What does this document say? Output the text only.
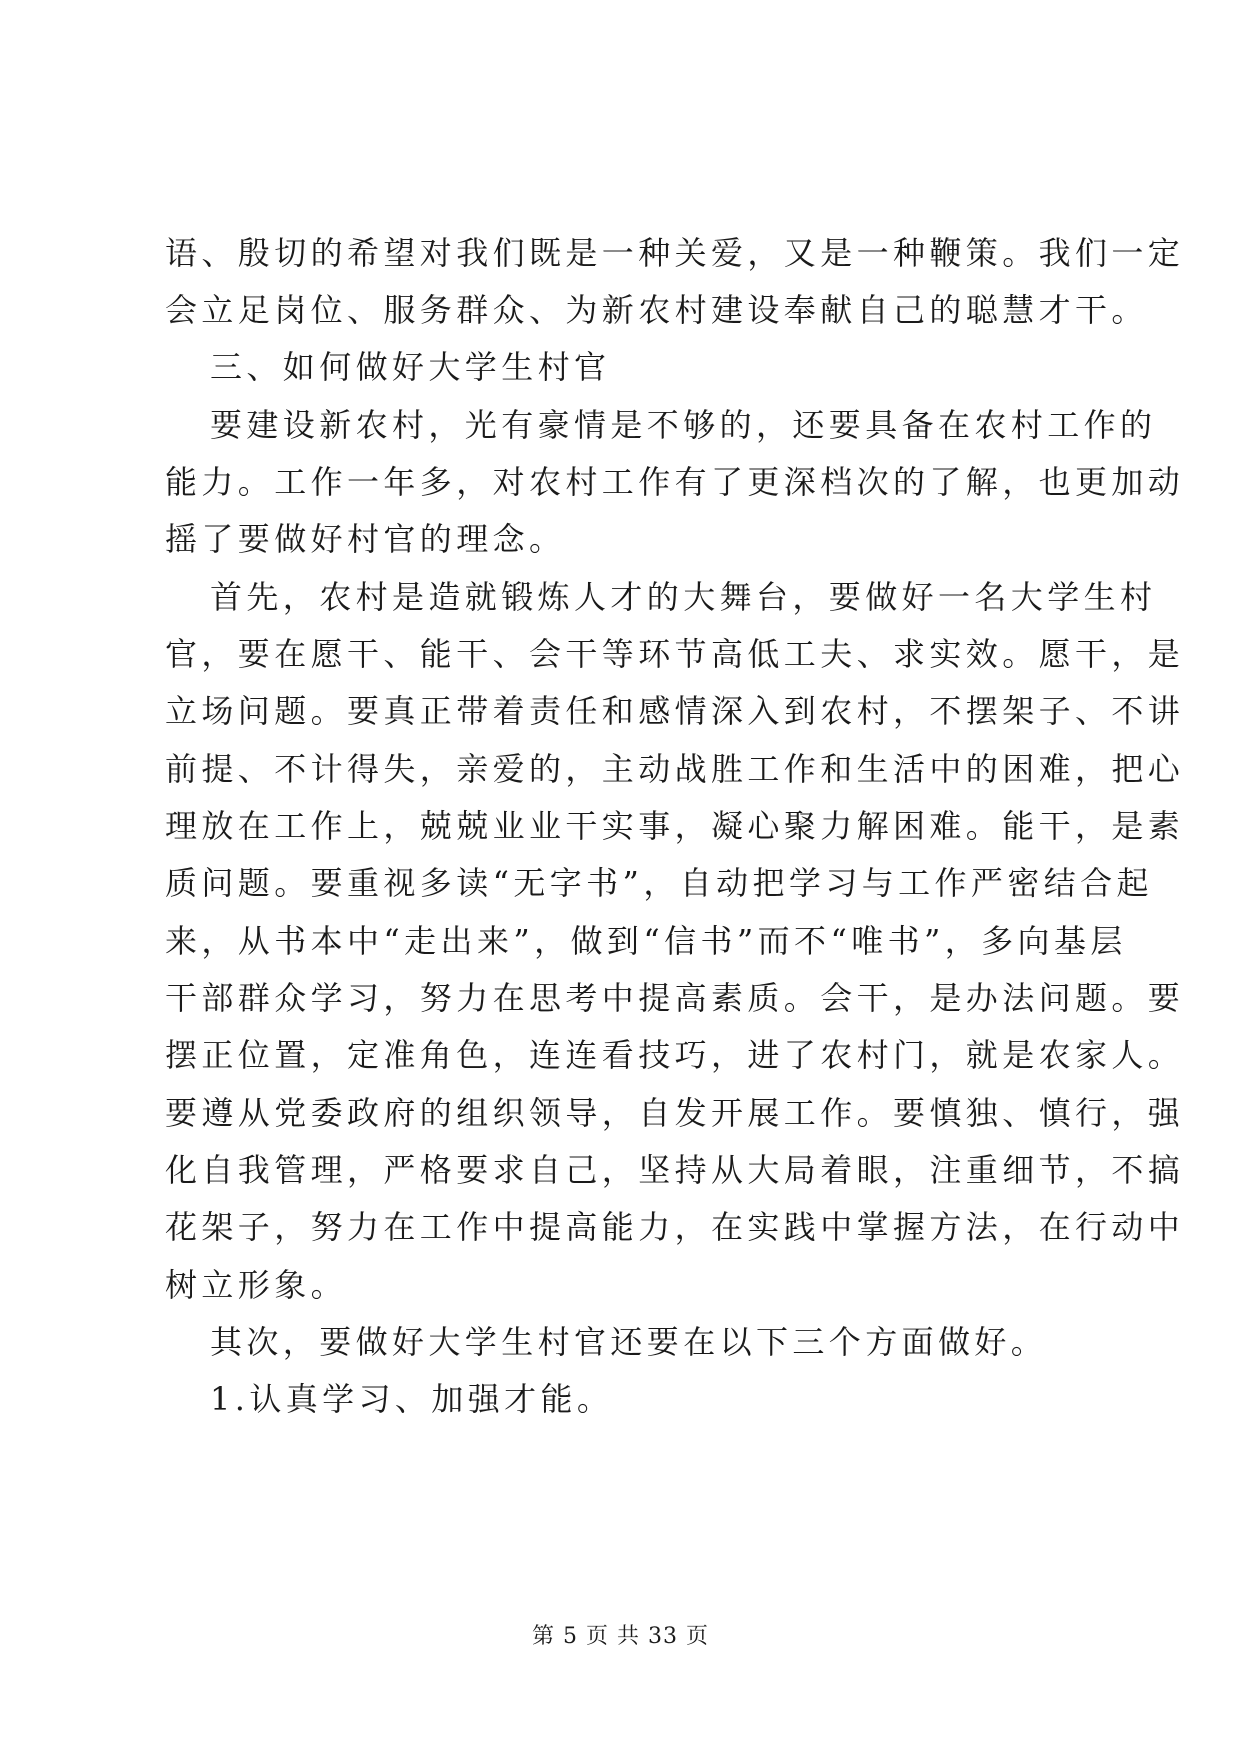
语、殷切的希望对我们既是一种关爱，又是一种鞭策。我们一定
会立足岗位、服务群众、为新农村建设奉献自己的聪慧才干。
三、如何做好大学生村官
要建设新农村，光有豪情是不够的，还要具备在农村工作的
能力。工作一年多，对农村工作有了更深档次的了解，也更加动
摇了要做好村官的理念。
首先，农村是造就锻炼人才的大舞台，要做好一名大学生村
官，要在愿干、能干、会干等环节高低工夫、求实效。愿干，是
立场问题。要真正带着责任和感情深入到农村，不摆架子、不讲
前提、不计得失，亲爱的，主动战胜工作和生活中的困难，把心
理放在工作上，兢兢业业干实事，凝心聚力解困难。能干，是素
质问题。要重视多读“无字书”，自动把学习与工作严密结合起
来，从书本中“走出来”，做到“信书”而不“唯书”，多向基层
干部群众学习，努力在思考中提高素质。会干，是办法问题。要
摆正位置，定准角色，连连看技巧，进了农村门，就是农家人。
要遵从党委政府的组织领导，自发开展工作。要慎独、慎行，强
化自我管理，严格要求自己，坚持从大局着眼，注重细节，不搞
花架子，努力在工作中提高能力，在实践中掌握方法，在行动中
树立形象。
其次，要做好大学生村官还要在以下三个方面做好。
1.认真学习、加强才能。
第 5 页 共 33 页
